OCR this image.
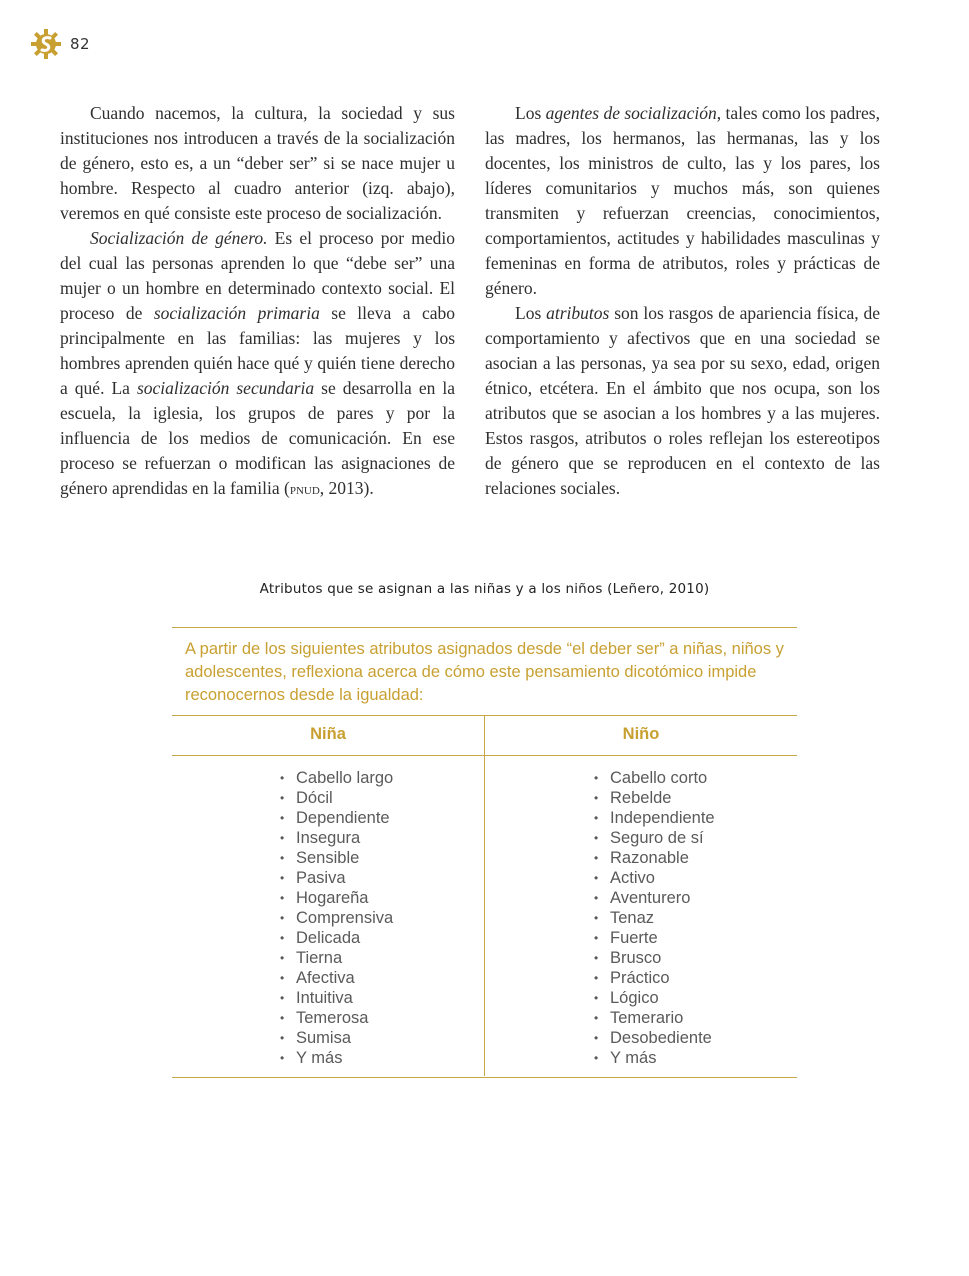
82

Cuando nacemos, la cultura, la sociedad y sus instituciones nos introducen a través de la socialización de género, esto es, a un “deber ser” si se nace mujer u hombre. Respecto al cuadro anterior (izq. abajo), veremos en qué consiste este proceso de socialización.

Socialización de género. Es el proceso por medio del cual las personas aprenden lo que “debe ser” una mujer o un hombre en determinado contexto social. El proceso de socialización primaria se lleva a cabo principalmente en las familias: las mujeres y los hombres aprenden quién hace qué y quién tiene derecho a qué. La socialización secundaria se desarrolla en la escuela, la iglesia, los grupos de pares y por la influencia de los medios de comunicación. En ese proceso se refuerzan o modifican las asignaciones de género aprendidas en la familia (pnud, 2013).

Los agentes de socialización, tales como los padres, las madres, los hermanos, las hermanas, las y los docentes, los ministros de culto, las y los pares, los líderes comunitarios y muchos más, son quienes transmiten y refuerzan creencias, conocimientos, comportamientos, actitudes y habilidades masculinas y femeninas en forma de atributos, roles y prácticas de género.

Los atributos son los rasgos de apariencia física, de comportamiento y afectivos que en una sociedad se asocian a las personas, ya sea por su sexo, edad, origen étnico, etcétera. En el ámbito que nos ocupa, son los atributos que se asocian a los hombres y a las mujeres. Estos rasgos, atributos o roles reflejan los estereotipos de género que se reproducen en el contexto de las relaciones sociales.

Atributos que se asignan a las niñas y a los niños (Leñero, 2010)

A partir de los siguientes atributos asignados desde “el deber ser” a niñas, niños y adolescentes, reflexiona acerca de cómo este pensamiento dicotómico impide reconocernos desde la igualdad:

Niña	Niño
• Cabello largo
• Dócil
• Dependiente
• Insegura
• Sensible
• Pasiva
• Hogareña
• Comprensiva
• Delicada
• Tierna
• Afectiva
• Intuitiva
• Temerosa
• Sumisa
• Y más
• Cabello corto
• Rebelde
• Independiente
• Seguro de sí
• Razonable
• Activo
• Aventurero
• Tenaz
• Fuerte
• Brusco
• Práctico
• Lógico
• Temerario
• Desobediente
• Y más
